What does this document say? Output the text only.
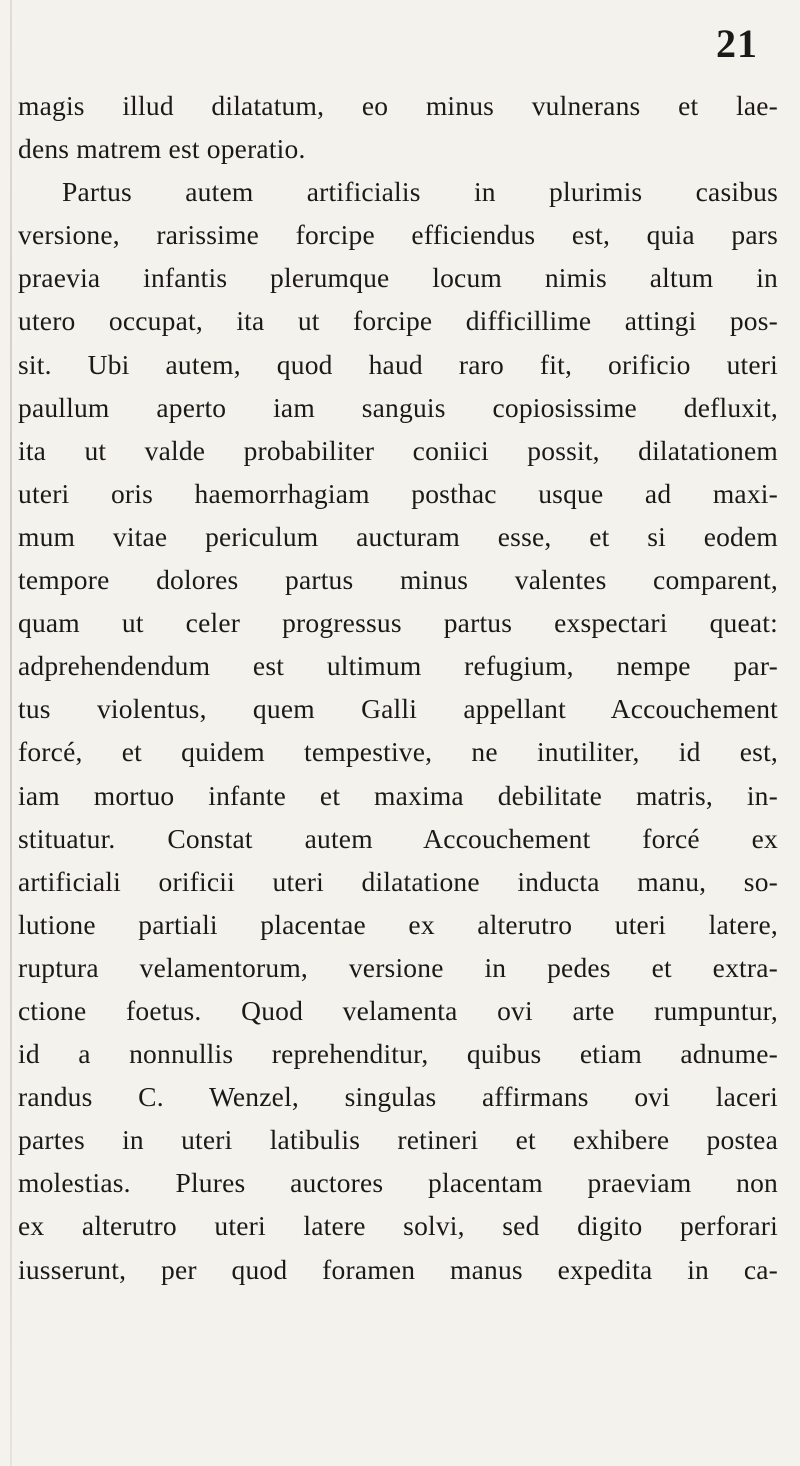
21
magis illud dilatatum, eo minus vulnerans et lae-
dens matrem est operatio.
Partus autem artificialis in plurimis casibus
versione, rarissime forcipe efficiendus est, quia pars
praevia infantis plerumque locum nimis altum in
utero occupat, ita ut forcipe difficillime attingi pos-
sit. Ubi autem, quod haud raro fit, orificio uteri
paullum aperto iam sanguis copiosissime defluxit,
ita ut valde probabiliter coniici possit, dilatationem
uteri oris haemorrhagiam posthac usque ad maxi-
mum vitae periculum aucturam esse, et si eodem
tempore dolores partus minus valentes comparent,
quam ut celer progressus partus exspectari queat:
adprehendendum est ultimum refugium, nempe par-
tus violentus, quem Galli appellant Accouchement
forcé, et quidem tempestive, ne inutiliter, id est,
iam mortuo infante et maxima debilitate matris, in-
stituatur. Constat autem Accouchement forcé ex
artificiali orificii uteri dilatatione inducta manu, so-
lutione partiali placentae ex alterutro uteri latere,
ruptura velamentorum, versione in pedes et extra-
ctione foetus. Quod velamenta ovi arte rumpuntur,
id a nonnullis reprehenditur, quibus etiam adnume-
randus C. Wenzel, singulas affirmans ovi laceri
partes in uteri latibulis retineri et exhibere postea
molestias. Plures auctores placentam praeviam non
ex alterutro uteri latere solvi, sed digito perforari
iusserunt, per quod foramen manus expedita in ca-
